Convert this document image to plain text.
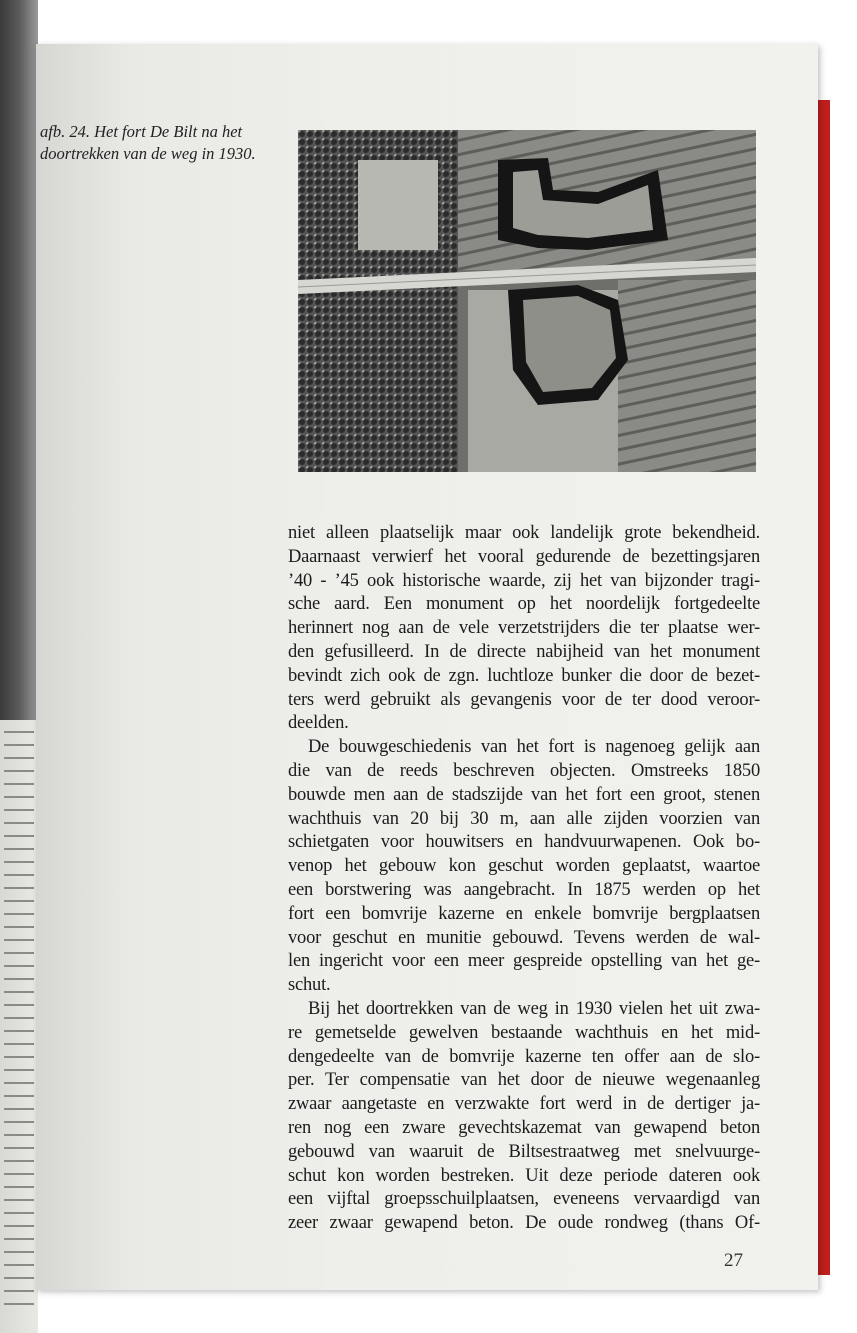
afb. 24. Het fort De Bilt na het
doortrekken van de weg in 1930.
niet alleen plaatselijk maar ook landelijk grote bekendheid.
Daarnaast verwierf het vooral gedurende de bezettingsjaren
’40 - ’45 ook historische waarde, zij het van bijzonder tragi-
sche aard. Een monument op het noordelijk fortgedeelte
herinnert nog aan de vele verzetstrijders die ter plaatse wer-
den gefusilleerd. In de directe nabijheid van het monument
bevindt zich ook de zgn. luchtloze bunker die door de bezet-
ters werd gebruikt als gevangenis voor de ter dood veroor-
deelden.
De bouwgeschiedenis van het fort is nagenoeg gelijk aan
die van de reeds beschreven objecten. Omstreeks 1850
bouwde men aan de stadszijde van het fort een groot, stenen
wachthuis van 20 bij 30 m, aan alle zijden voorzien van
schietgaten voor houwitsers en handvuurwapenen. Ook bo-
venop het gebouw kon geschut worden geplaatst, waartoe
een borstwering was aangebracht. In 1875 werden op het
fort een bomvrije kazerne en enkele bomvrije bergplaatsen
voor geschut en munitie gebouwd. Tevens werden de wal-
len ingericht voor een meer gespreide opstelling van het ge-
schut.
Bij het doortrekken van de weg in 1930 vielen het uit zwa-
re gemetselde gewelven bestaande wachthuis en het mid-
dengedeelte van de bomvrije kazerne ten offer aan de slo-
per. Ter compensatie van het door de nieuwe wegenaanleg
zwaar aangetaste en verzwakte fort werd in de dertiger ja-
ren nog een zware gevechtskazemat van gewapend beton
gebouwd van waaruit de Biltsestraatweg met snelvuurge-
schut kon worden bestreken. Uit deze periode dateren ook
een vijftal groepsschuilplaatsen, eveneens vervaardigd van
zeer zwaar gewapend beton. De oude rondweg (thans Of-
27
